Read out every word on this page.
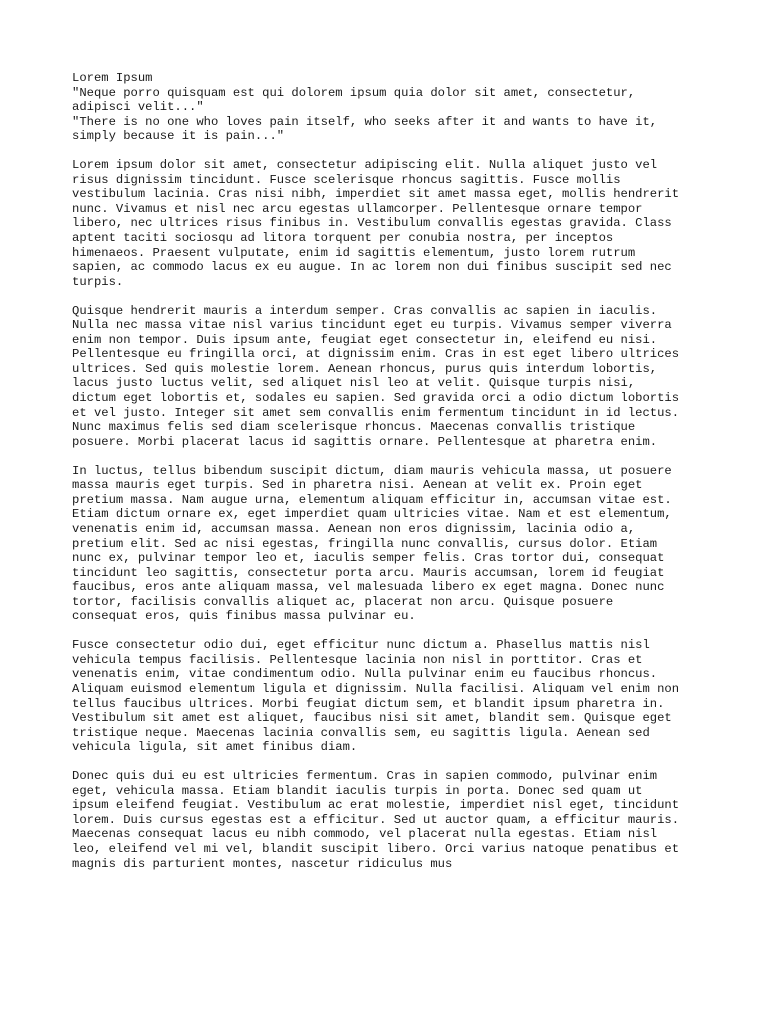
Lorem Ipsum
"Neque porro quisquam est qui dolorem ipsum quia dolor sit amet, consectetur,
adipisci velit..."
"There is no one who loves pain itself, who seeks after it and wants to have it,
simply because it is pain..."
Lorem ipsum dolor sit amet, consectetur adipiscing elit. Nulla aliquet justo vel
risus dignissim tincidunt. Fusce scelerisque rhoncus sagittis. Fusce mollis
vestibulum lacinia. Cras nisi nibh, imperdiet sit amet massa eget, mollis hendrerit
nunc. Vivamus et nisl nec arcu egestas ullamcorper. Pellentesque ornare tempor
libero, nec ultrices risus finibus in. Vestibulum convallis egestas gravida. Class
aptent taciti sociosqu ad litora torquent per conubia nostra, per inceptos
himenaeos. Praesent vulputate, enim id sagittis elementum, justo lorem rutrum
sapien, ac commodo lacus ex eu augue. In ac lorem non dui finibus suscipit sed nec
turpis.
Quisque hendrerit mauris a interdum semper. Cras convallis ac sapien in iaculis.
Nulla nec massa vitae nisl varius tincidunt eget eu turpis. Vivamus semper viverra
enim non tempor. Duis ipsum ante, feugiat eget consectetur in, eleifend eu nisi.
Pellentesque eu fringilla orci, at dignissim enim. Cras in est eget libero ultrices
ultrices. Sed quis molestie lorem. Aenean rhoncus, purus quis interdum lobortis,
lacus justo luctus velit, sed aliquet nisl leo at velit. Quisque turpis nisi,
dictum eget lobortis et, sodales eu sapien. Sed gravida orci a odio dictum lobortis
et vel justo. Integer sit amet sem convallis enim fermentum tincidunt in id lectus.
Nunc maximus felis sed diam scelerisque rhoncus. Maecenas convallis tristique
posuere. Morbi placerat lacus id sagittis ornare. Pellentesque at pharetra enim.
In luctus, tellus bibendum suscipit dictum, diam mauris vehicula massa, ut posuere
massa mauris eget turpis. Sed in pharetra nisi. Aenean at velit ex. Proin eget
pretium massa. Nam augue urna, elementum aliquam efficitur in, accumsan vitae est.
Etiam dictum ornare ex, eget imperdiet quam ultricies vitae. Nam et est elementum,
venenatis enim id, accumsan massa. Aenean non eros dignissim, lacinia odio a,
pretium elit. Sed ac nisi egestas, fringilla nunc convallis, cursus dolor. Etiam
nunc ex, pulvinar tempor leo et, iaculis semper felis. Cras tortor dui, consequat
tincidunt leo sagittis, consectetur porta arcu. Mauris accumsan, lorem id feugiat
faucibus, eros ante aliquam massa, vel malesuada libero ex eget magna. Donec nunc
tortor, facilisis convallis aliquet ac, placerat non arcu. Quisque posuere
consequat eros, quis finibus massa pulvinar eu.
Fusce consectetur odio dui, eget efficitur nunc dictum a. Phasellus mattis nisl
vehicula tempus facilisis. Pellentesque lacinia non nisl in porttitor. Cras et
venenatis enim, vitae condimentum odio. Nulla pulvinar enim eu faucibus rhoncus.
Aliquam euismod elementum ligula et dignissim. Nulla facilisi. Aliquam vel enim non
tellus faucibus ultrices. Morbi feugiat dictum sem, et blandit ipsum pharetra in.
Vestibulum sit amet est aliquet, faucibus nisi sit amet, blandit sem. Quisque eget
tristique neque. Maecenas lacinia convallis sem, eu sagittis ligula. Aenean sed
vehicula ligula, sit amet finibus diam.
Donec quis dui eu est ultricies fermentum. Cras in sapien commodo, pulvinar enim
eget, vehicula massa. Etiam blandit iaculis turpis in porta. Donec sed quam ut
ipsum eleifend feugiat. Vestibulum ac erat molestie, imperdiet nisl eget, tincidunt
lorem. Duis cursus egestas est a efficitur. Sed ut auctor quam, a efficitur mauris.
Maecenas consequat lacus eu nibh commodo, vel placerat nulla egestas. Etiam nisl
leo, eleifend vel mi vel, blandit suscipit libero. Orci varius natoque penatibus et
magnis dis parturient montes, nascetur ridiculus mus
